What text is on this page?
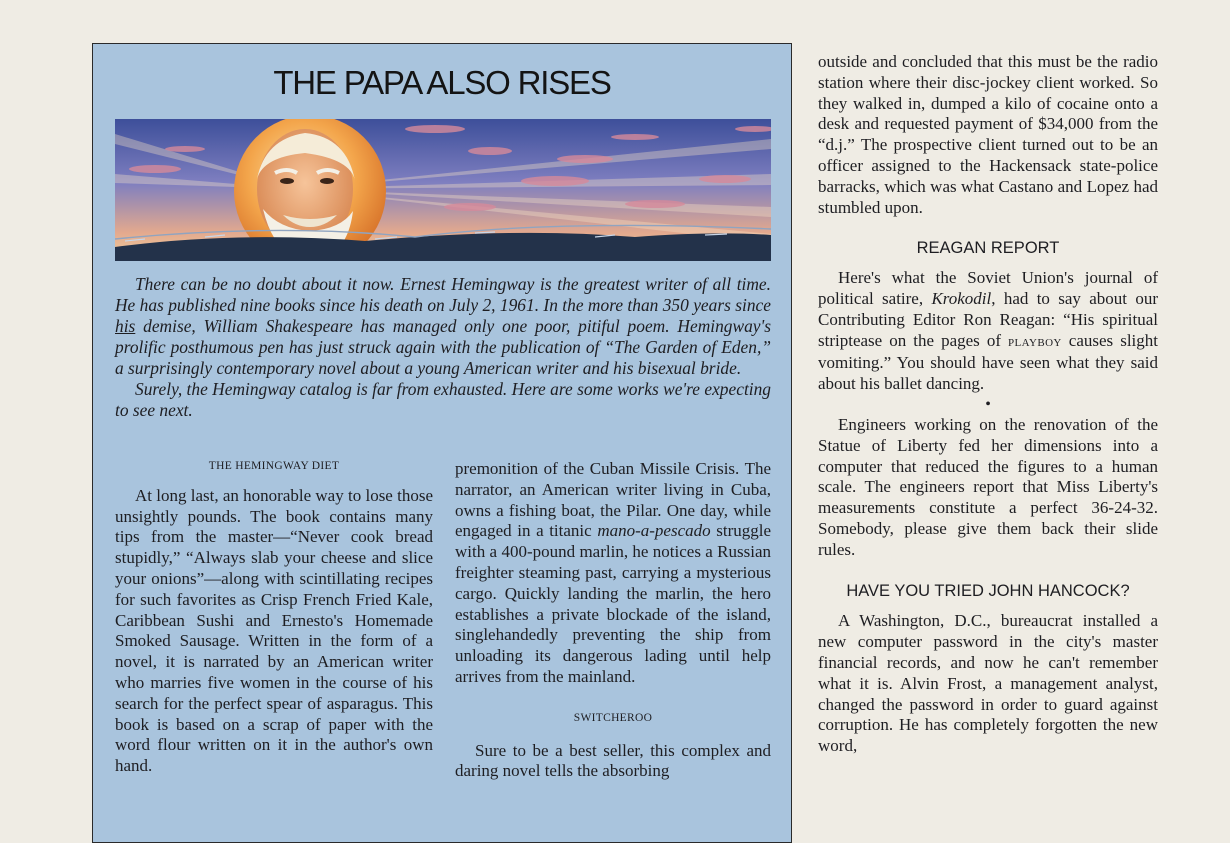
THE PAPA ALSO RISES

There can be no doubt about it now. Ernest Hemingway is the greatest writer of all time. He has published nine books since his death on July 2, 1961. In the more than 350 years since his demise, William Shakespeare has managed only one poor, pitiful poem. Hemingway's prolific posthumous pen has just struck again with the publication of “The Garden of Eden,” a surprisingly contemporary novel about a young American writer and his bisexual bride.

Surely, the Hemingway catalog is far from exhausted. Here are some works we're expecting to see next.

THE HEMINGWAY DIET

At long last, an honorable way to lose those unsightly pounds. The book contains many tips from the master—“Never cook bread stupidly,” “Always slab your cheese and slice your onions”—along with scintillating recipes for such favorites as Crisp French Fried Kale, Caribbean Sushi and Ernesto's Homemade Smoked Sausage. Written in the form of a novel, it is narrated by an American writer who marries five women in the course of his search for the perfect spear of asparagus. This book is based on a scrap of paper with the word flour written on it in the author's own hand.

premonition of the Cuban Missile Crisis. The narrator, an American writer living in Cuba, owns a fishing boat, the Pilar. One day, while engaged in a titanic mano-a-pescado struggle with a 400-pound marlin, he notices a Russian freighter steaming past, carrying a mysterious cargo. Quickly landing the marlin, the hero establishes a private blockade of the island, singlehandedly preventing the ship from unloading its dangerous lading until help arrives from the mainland.

SWITCHEROO

Sure to be a best seller, this complex and daring novel tells the absorbing

outside and concluded that this must be the radio station where their disc-jockey client worked. So they walked in, dumped a kilo of cocaine onto a desk and requested payment of $34,000 from the “d.j.” The prospective client turned out to be an officer assigned to the Hackensack state-police barracks, which was what Castano and Lopez had stumbled upon.

REAGAN REPORT

Here's what the Soviet Union's journal of political satire, Krokodil, had to say about our Contributing Editor Ron Reagan: “His spiritual striptease on the pages of PLAYBOY causes slight vomiting.” You should have seen what they said about his ballet dancing.

•

Engineers working on the renovation of the Statue of Liberty fed her dimensions into a computer that reduced the figures to a human scale. The engineers report that Miss Liberty's measurements constitute a perfect 36-24-32. Somebody, please give them back their slide rules.

HAVE YOU TRIED JOHN HANCOCK?

A Washington, D.C., bureaucrat installed a new computer password in the city's master financial records, and now he can't remember what it is. Alvin Frost, a management analyst, changed the password in order to guard against corruption. He has completely forgotten the new word,
